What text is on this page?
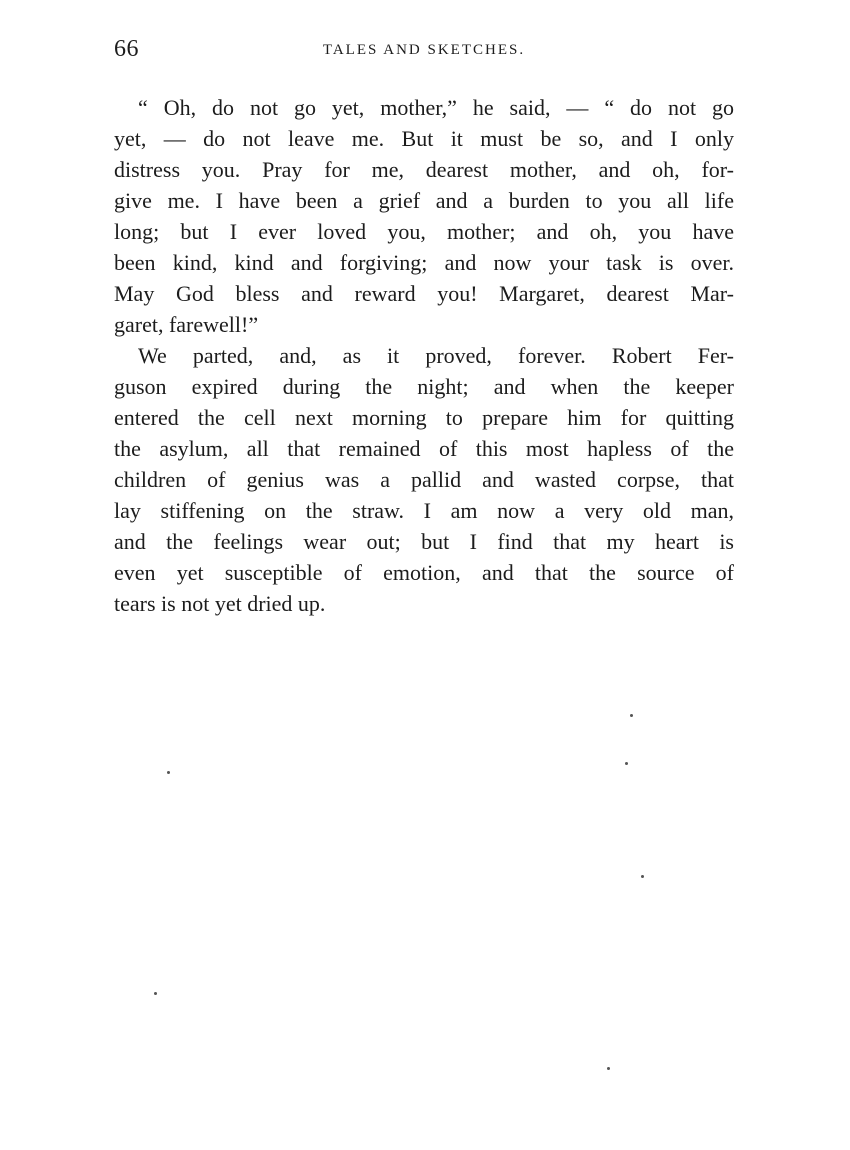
66	TALES AND SKETCHES.
“ Oh, do not go yet, mother,” he said, — “ do not go
yet, — do not leave me. But it must be so, and I only
distress you. Pray for me, dearest mother, and oh, for-
give me. I have been a grief and a burden to you all life
long; but I ever loved you, mother; and oh, you have
been kind, kind and forgiving; and now your task is over.
May God bless and reward you! Margaret, dearest Mar-
garet, farewell!”
We parted, and, as it proved, forever. Robert Fer-
guson expired during the night; and when the keeper
entered the cell next morning to prepare him for quitting
the asylum, all that remained of this most hapless of the
children of genius was a pallid and wasted corpse, that
lay stiffening on the straw. I am now a very old man,
and the feelings wear out; but I find that my heart is
even yet susceptible of emotion, and that the source of
tears is not yet dried up.
